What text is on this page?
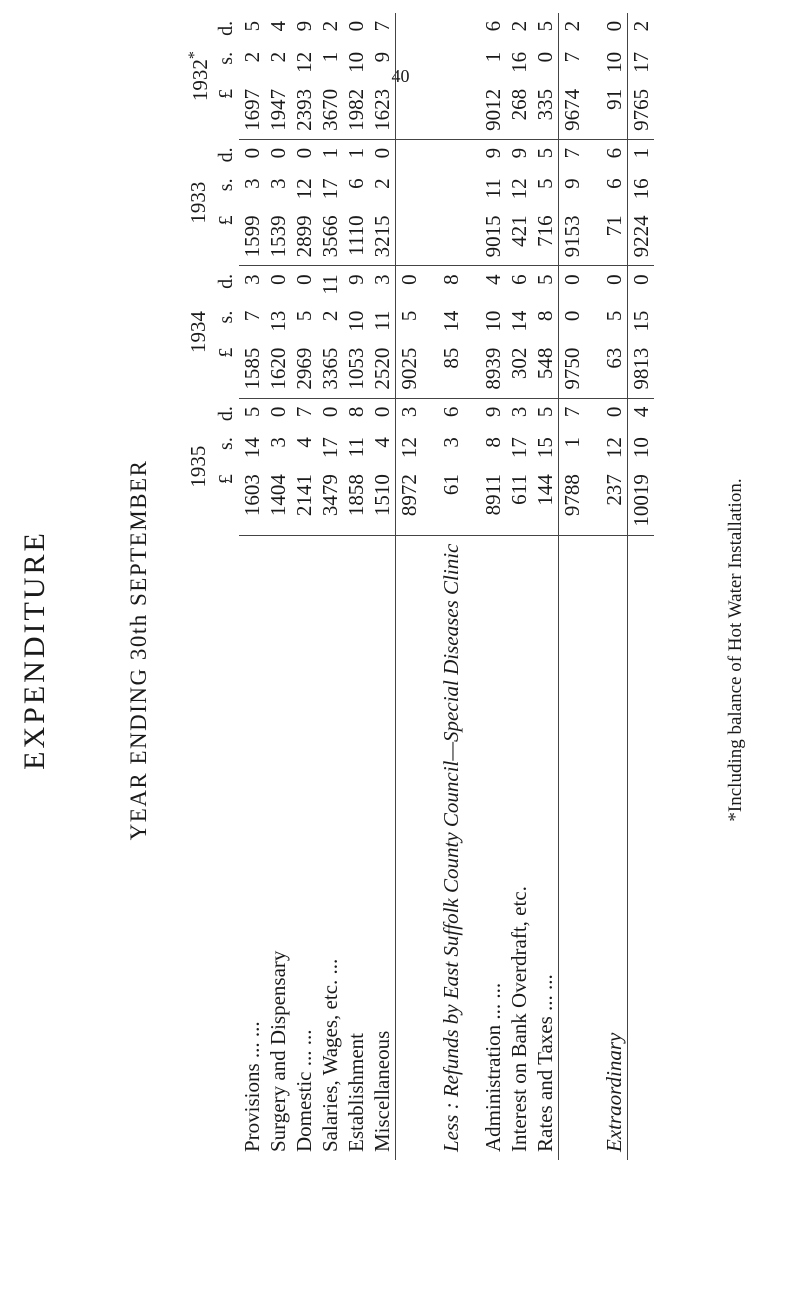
40
EXPENDITURE	YEAR ENDING 30th SEPTEMBER
	1935			1934			1933			1932*
	£	s.	d.	£	s.	d.	£	s.	d.	£	s.	d.
Provisions ... ...	1603	14	5	1585	7	3	1599	3	0	1697	2	5
Surgery and Dispensary	1404	3	0	1620	13	0	1539	3	0	1947	2	4
Domestic ... ...	2141	4	7	2969	5	0	2899	12	0	2393	12	9
Salaries, Wages, etc. ...	3479	17	0	3365	2	11	3566	17	1	3670	1	2
Establishment	1858	11	8	1053	10	9	1110	6	1	1982	10	0
Miscellaneous	1510	4	0	2520	11	3	3215	2	0	1623	9	7
	8972	12	3	9025	5	0						

Less : Refunds by East Suffolk County Council—Special Diseases Clinic	61	3	6	85	14	8						

Administration ... ...	8911	8	9	8939	10	4	9015	11	9	9012	1	6
Interest on Bank Overdraft, etc.	611	17	3	302	14	6	421	12	9	268	16	2
Rates and Taxes ... ...	144	15	5	548	8	5	716	5	5	335	0	5
	9788	1	7	9750	0	0	9153	9	7	9674	7	2

Extraordinary	237	12	0	63	5	0	71	6	6	91	10	0
	10019	10	4	9813	15	0	9224	16	1	9765	17	2
*Including balance of Hot Water Installation.
